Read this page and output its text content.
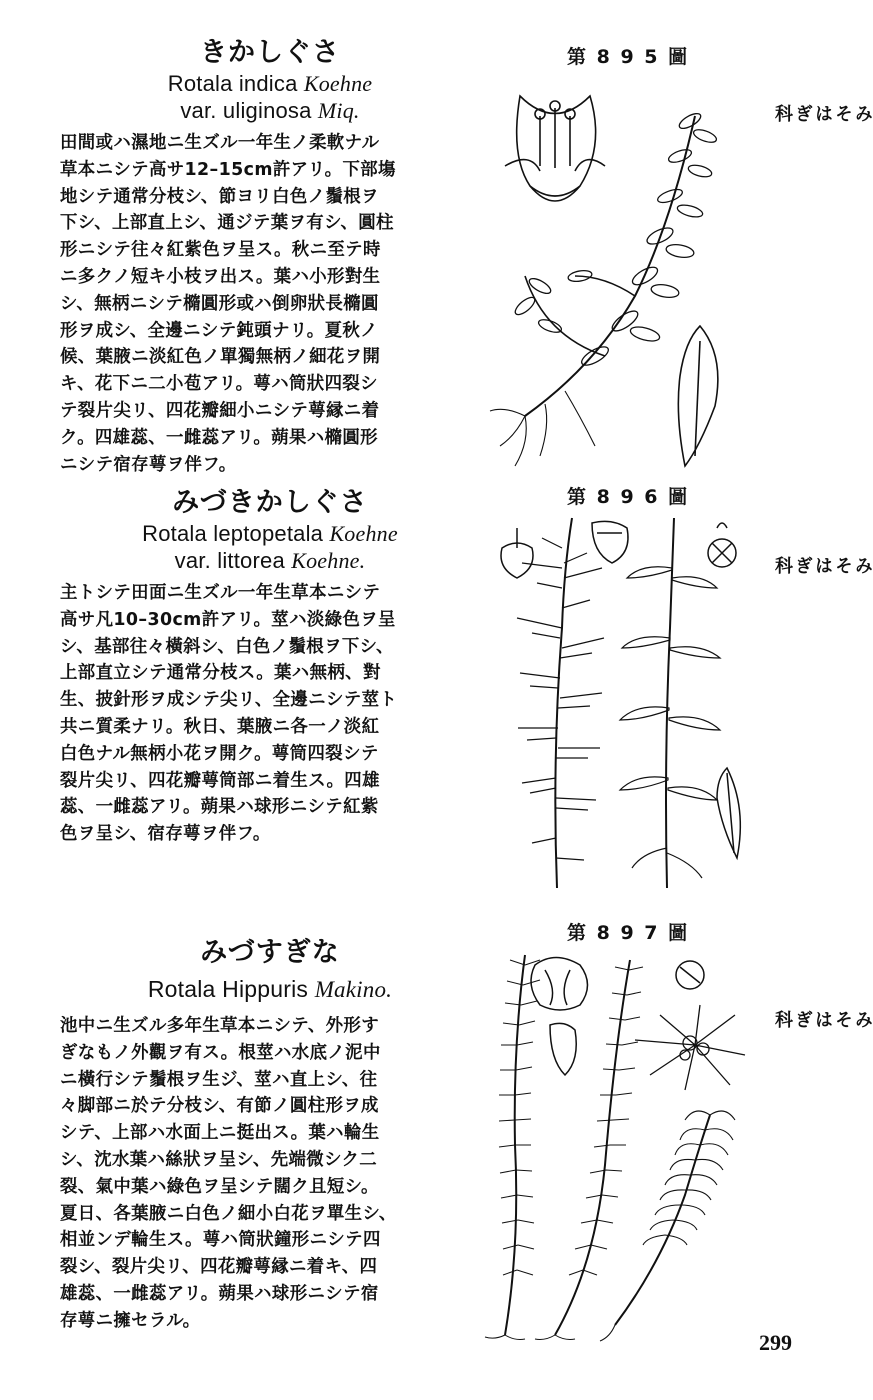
きかしぐさ
Rotala indica Koehne
var. uliginosa Miq.
田間或ハ濕地ニ生ズル一年生ノ柔軟ナル
草本ニシテ高サ12–15cm許アリ。下部塲
地シテ通常分枝シ、節ヨリ白色ノ鬚根ヲ
下シ、上部直上シ、通ジテ葉ヲ有シ、圓柱
形ニシテ往々紅紫色ヲ呈ス。秋ニ至テ時
ニ多クノ短キ小枝ヲ出ス。葉ハ小形對生
シ、無柄ニシテ橢圓形或ハ倒卵狀長橢圓
形ヲ成シ、全邊ニシテ鈍頭ナリ。夏秋ノ
候、葉腋ニ淡紅色ノ單獨無柄ノ細花ヲ開
キ、花下ニ二小苞アリ。萼ハ筒狀四裂シ
テ裂片尖リ、四花瓣細小ニシテ萼縁ニ着
ク。四雄蕊、一雌蕊アリ。蒴果ハ橢圓形
ニシテ宿存萼ヲ伴フ。
第 8 9 5 圖
みそはぎ科
みづきかしぐさ
Rotala leptopetala Koehne
var. littorea Koehne.
主トシテ田面ニ生ズル一年生草本ニシテ
高サ凡10–30cm許アリ。莖ハ淡綠色ヲ呈
シ、基部往々橫斜シ、白色ノ鬚根ヲ下シ、
上部直立シテ通常分枝ス。葉ハ無柄、對
生、披針形ヲ成シテ尖リ、全邊ニシテ莖ト
共ニ質柔ナリ。秋日、葉腋ニ各一ノ淡紅
白色ナル無柄小花ヲ開ク。萼筒四裂シテ
裂片尖リ、四花瓣萼筒部ニ着生ス。四雄
蕊、一雌蕊アリ。蒴果ハ球形ニシテ紅紫
色ヲ呈シ、宿存萼ヲ伴フ。
第 8 9 6 圖
みそはぎ科
みづすぎな
Rotala Hippuris Makino.
池中ニ生ズル多年生草本ニシテ、外形す
ぎなもノ外觀ヲ有ス。根莖ハ水底ノ泥中
ニ橫行シテ鬚根ヲ生ジ、莖ハ直上シ、往
々脚部ニ於テ分枝シ、有節ノ圓柱形ヲ成
シテ、上部ハ水面上ニ挺出ス。葉ハ輪生
シ、沈水葉ハ絲狀ヲ呈シ、先端微シク二
裂、氣中葉ハ綠色ヲ呈シテ闊ク且短シ。
夏日、各葉腋ニ白色ノ細小白花ヲ單生シ、
相並ンデ輪生ス。萼ハ筒狀鐘形ニシテ四
裂シ、裂片尖リ、四花瓣萼縁ニ着キ、四
雄蕊、一雌蕊アリ。蒴果ハ球形ニシテ宿
存萼ニ擁セラル。
第 8 9 7 圖
みそはぎ科
299
